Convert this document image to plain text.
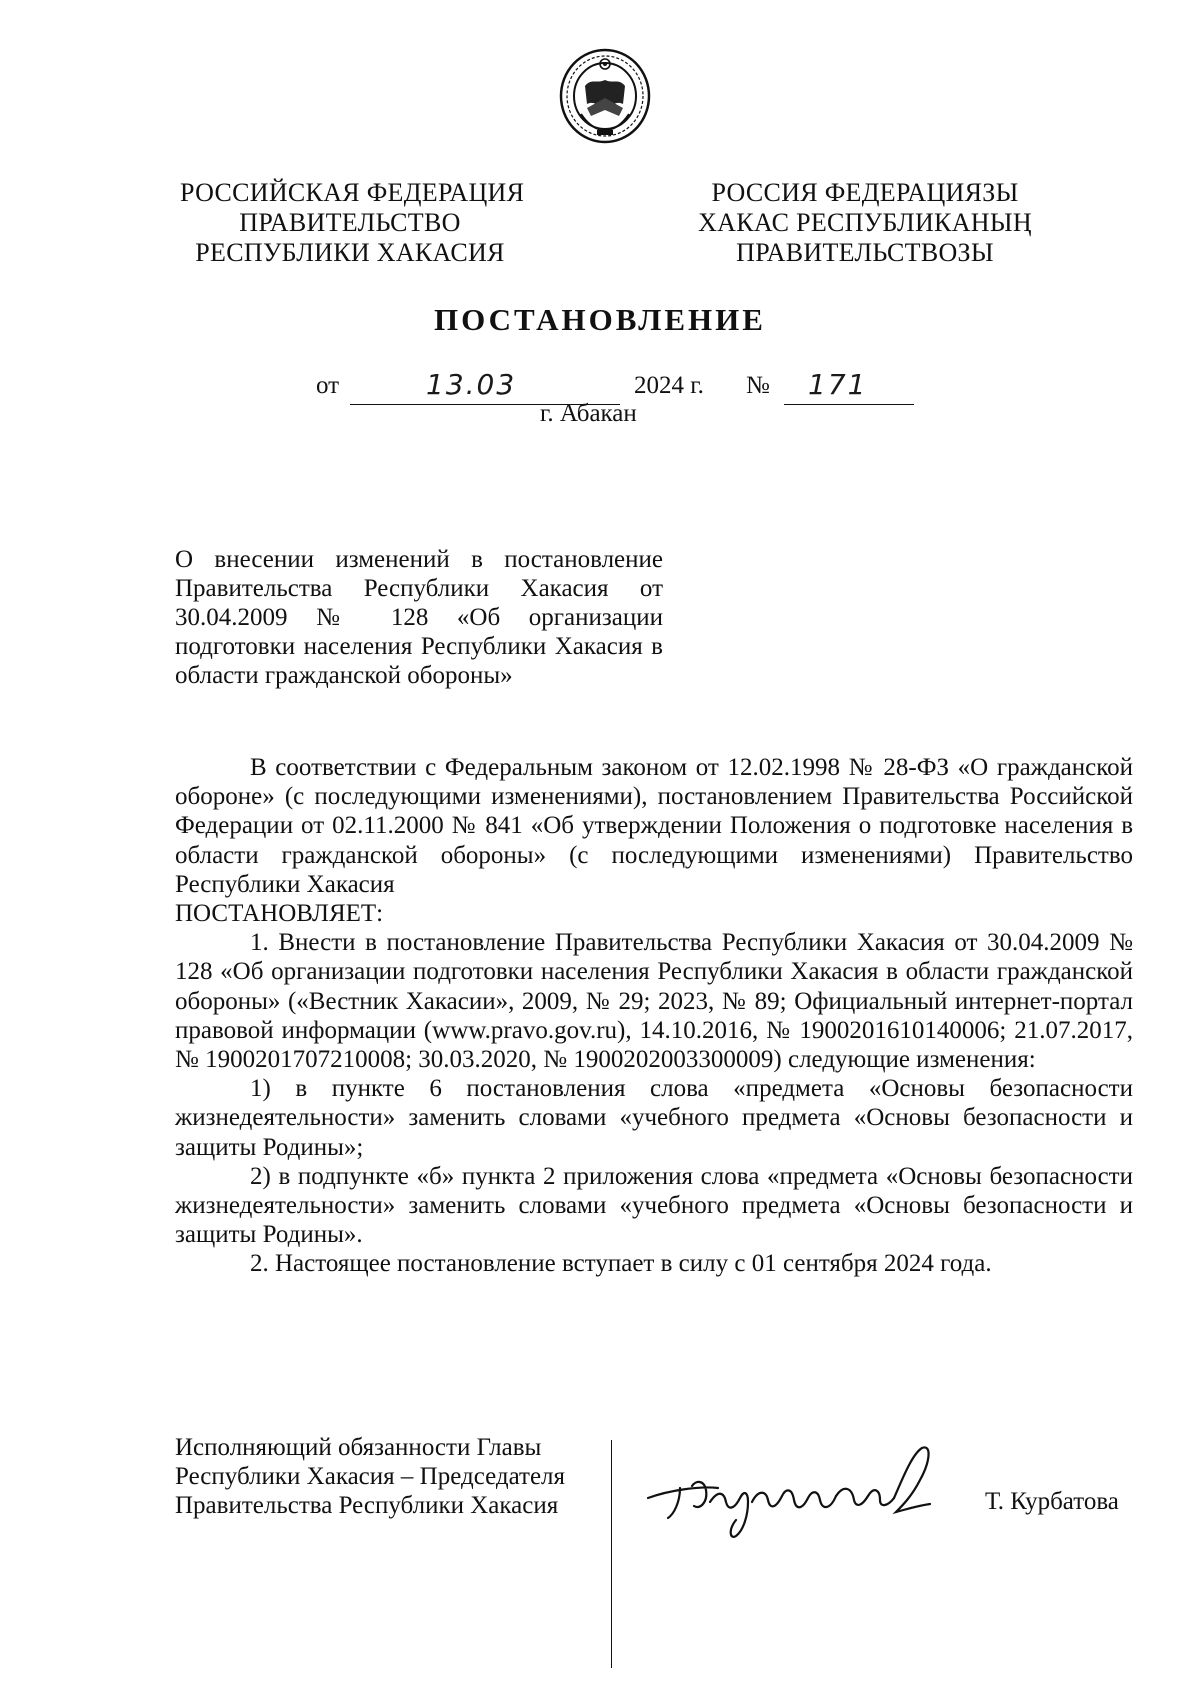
РОССИЙСКАЯ ФЕДЕРАЦИЯ
ПРАВИТЕЛЬСТВО
РЕСПУБЛИКИ ХАКАСИЯ
РОССИЯ ФЕДЕРАЦИЯЗЫ
ХАКАС РЕСПУБЛИКАНЫҢ
ПРАВИТЕЛЬСТВОЗЫ
ПОСТАНОВЛЕНИЕ
от	13.03	2024 г. № 171
г. Абакан
О внесении изменений в постановление Правительства Республики Хакасия от 30.04.2009 № 128 «Об организации подготовки населения Республики Хакасия в области гражданской обороны»

В соответствии с Федеральным законом от 12.02.1998 № 28-ФЗ «О гражданской обороне» (с последующими изменениями), постановлением Правительства Российской Федерации от 02.11.2000 № 841 «Об утверждении Положения о подготовке населения в области гражданской обороны» (с последующими изменениями) Правительство Республики Хакасия

ПОСТАНОВЛЯЕТ:

1. Внести в постановление Правительства Республики Хакасия от 30.04.2009 № 128 «Об организации подготовки населения Республики Хакасия в области гражданской обороны» («Вестник Хакасии», 2009, № 29; 2023, № 89; Официальный интернет-портал правовой информации (www.pravo.gov.ru), 14.10.2016, № 1900201610140006; 21.07.2017, № 1900201707210008; 30.03.2020, № 1900202003300009) следующие изменения:

1) в пункте 6 постановления слова «предмета «Основы безопасности жизнедеятельности» заменить словами «учебного предмета «Основы безопасности и защиты Родины»;

2) в подпункте «б» пункта 2 приложения слова «предмета «Основы безопасности жизнедеятельности» заменить словами «учебного предмета «Основы безопасности и защиты Родины».

2. Настоящее постановление вступает в силу с 01 сентября 2024 года.

Исполняющий обязанности Главы
Республики Хакасия – Председателя
Правительства Республики Хакасия	Т. Курбатова
